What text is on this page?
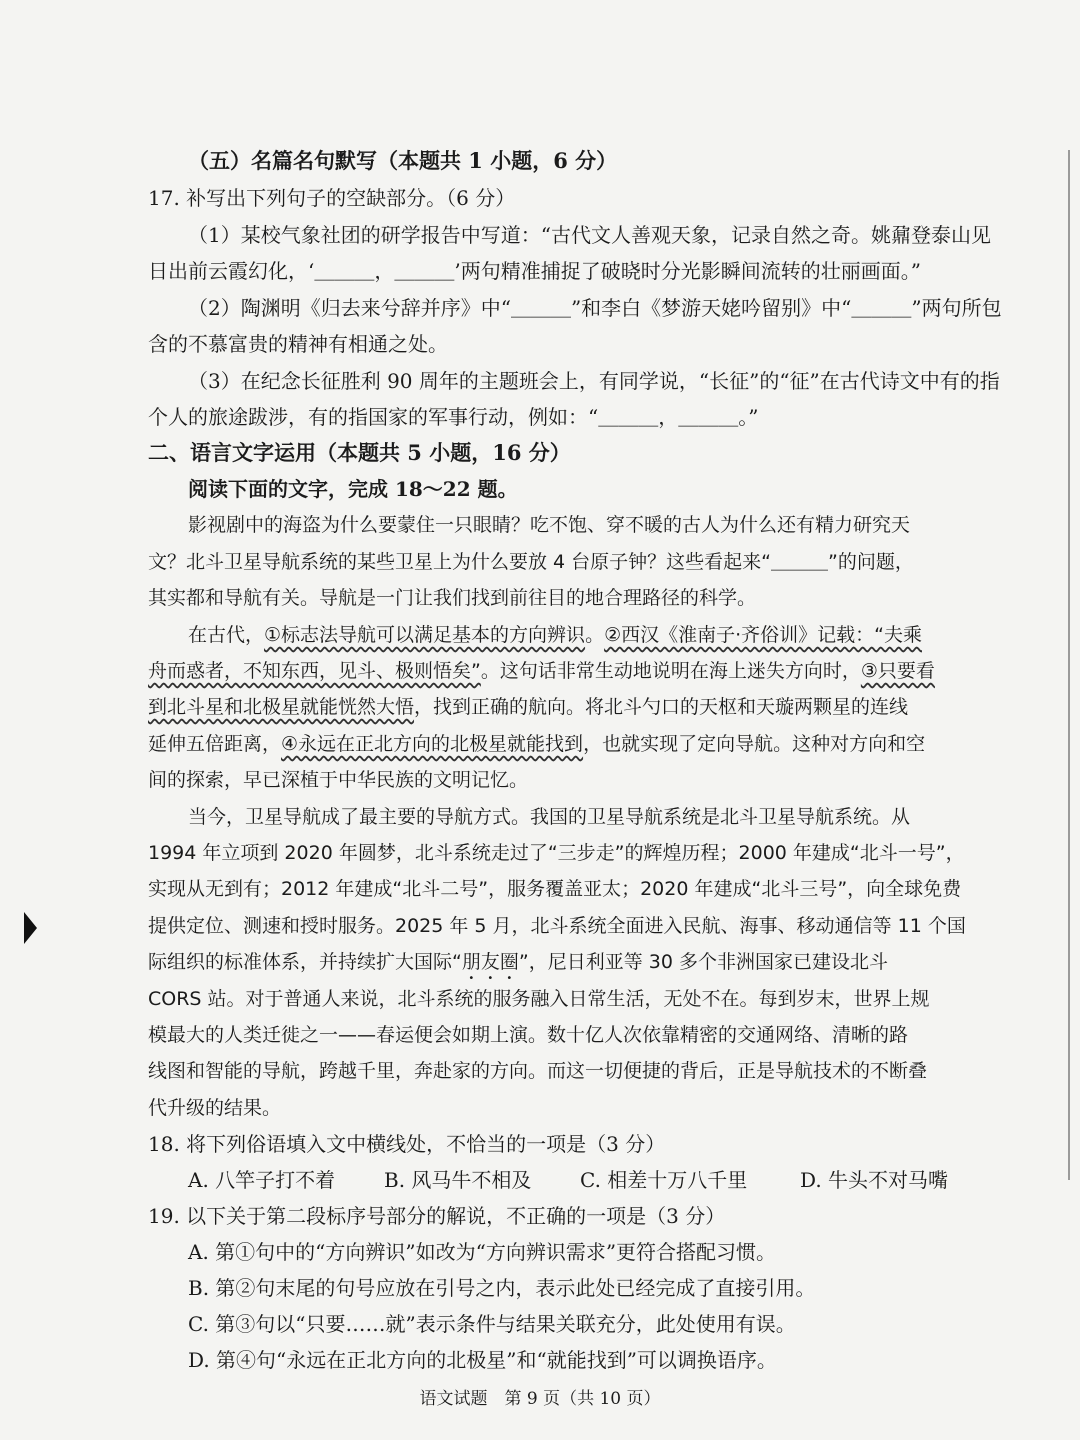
（五）名篇名句默写（本题共 1 小题，6 分）
17. 补写出下列句子的空缺部分。（6 分）
（1）某校气象社团的研学报告中写道：“古代文人善观天象，记录自然之奇。姚鼐登泰山见
日出前云霞幻化，‘＿＿＿，＿＿＿’两句精准捕捉了破晓时分光影瞬间流转的壮丽画面。”
（2）陶渊明《归去来兮辞并序》中“＿＿＿”和李白《梦游天姥吟留别》中“＿＿＿”两句所包
含的不慕富贵的精神有相通之处。
（3）在纪念长征胜利 90 周年的主题班会上，有同学说，“长征”的“征”在古代诗文中有的指
个人的旅途跋涉，有的指国家的军事行动，例如：“＿＿＿，＿＿＿。”
二、语言文字运用（本题共 5 小题，16 分）
阅读下面的文字，完成 18～22 题。
影视剧中的海盗为什么要蒙住一只眼睛？吃不饱、穿不暖的古人为什么还有精力研究天
文？北斗卫星导航系统的某些卫星上为什么要放 4 台原子钟？这些看起来“＿＿＿”的问题，
其实都和导航有关。导航是一门让我们找到前往目的地合理路径的科学。
在古代，①标志法导航可以满足基本的方向辨识。②西汉《淮南子·齐俗训》记载：“夫乘
舟而惑者，不知东西，见斗、极则悟矣”。这句话非常生动地说明在海上迷失方向时，③只要看
到北斗星和北极星就能恍然大悟，找到正确的航向。将北斗勺口的天枢和天璇两颗星的连线
延伸五倍距离，④永远在正北方向的北极星就能找到，也就实现了定向导航。这种对方向和空
间的探索，早已深植于中华民族的文明记忆。
当今，卫星导航成了最主要的导航方式。我国的卫星导航系统是北斗卫星导航系统。从
1994 年立项到 2020 年圆梦，北斗系统走过了“三步走”的辉煌历程；2000 年建成“北斗一号”，
实现从无到有；2012 年建成“北斗二号”，服务覆盖亚太；2020 年建成“北斗三号”，向全球免费
提供定位、测速和授时服务。2025 年 5 月，北斗系统全面进入民航、海事、移动通信等 11 个国
际组织的标准体系，并持续扩大国际“朋友圈”，尼日利亚等 30 多个非洲国家已建设北斗
CORS 站。对于普通人来说，北斗系统的服务融入日常生活，无处不在。每到岁末，世界上规
模最大的人类迁徙之一——春运便会如期上演。数十亿人次依靠精密的交通网络、清晰的路
线图和智能的导航，跨越千里，奔赴家的方向。而这一切便捷的背后，正是导航技术的不断叠
代升级的结果。
18. 将下列俗语填入文中横线处，不恰当的一项是（3 分）
A. 八竿子打不着 B. 风马牛不相及 C. 相差十万八千里	D. 牛头不对马嘴
19. 以下关于第二段标序号部分的解说，不正确的一项是（3 分）
A. 第①句中的“方向辨识”如改为“方向辨识需求”更符合搭配习惯。
B. 第②句末尾的句号应放在引号之内，表示此处已经完成了直接引用。
C. 第③句以“只要……就”表示条件与结果关联充分，此处使用有误。
D. 第④句“永远在正北方向的北极星”和“就能找到”可以调换语序。
语文试题　第 9 页（共 10 页）
